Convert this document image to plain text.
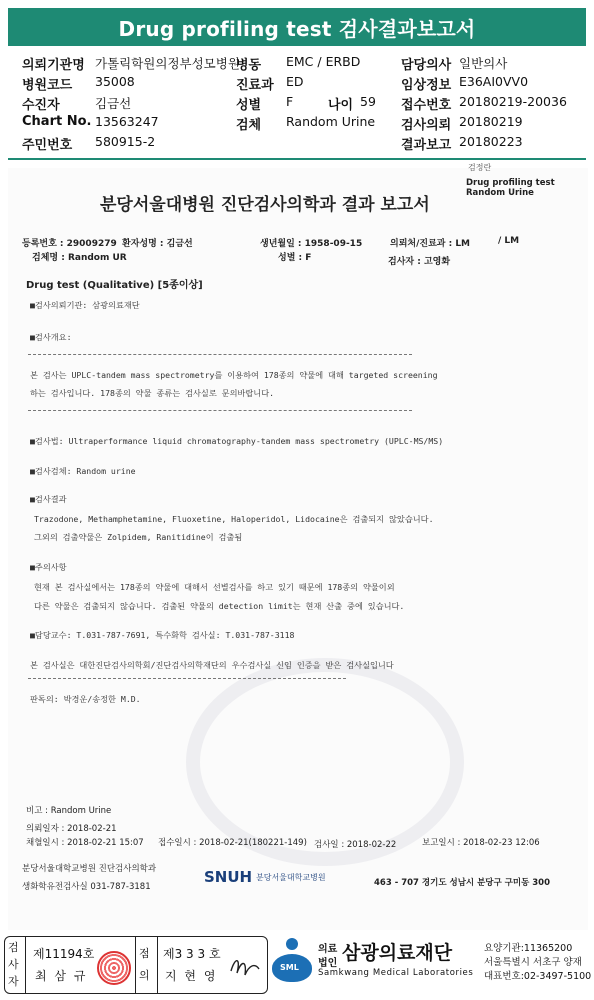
Drug profiling test 검사결과보고서
의뢰기관명 가톨릭학원의정부성모병원
병동 EMC / ERBD	담당의사 일반의사
병원코드 35008	진료과 ED	임상정보 E36AI0VV0
수진자	김금선	성별 F	나이 59 접수번호 20180219-20036
Chart No. 13563247	검체 Random Urine 검사의뢰 20180219
주민번호 580915-2	결과보고 20180223
검정란
Drug profiling test
Random Urine
분당서울대병원 진단검사의학과 결과 보고서
등록번호 : 29009279 환자성명 : 김금선	생년월일 : 1958-09-15	의뢰처/진료과 : LM	/ LM
검체명 : Random UR	성별 : F	검사자 : 고영화
Drug test (Qualitative) [5종이상]
■검사의뢰기관: 삼광의료재단
■검사개요:
본 검사는 UPLC-tandem mass spectrometry를 이용하여 178종의 약물에 대해 targeted screening
하는 검사입니다. 178종의 약물 종류는 검사실로 문의바랍니다.
■검사법: Ultraperformance liquid chromatography-tandem mass spectrometry (UPLC-MS/MS)
■검사검체: Random urine
■검사결과
Trazodone, Methamphetamine, Fluoxetine, Haloperidol, Lidocaine은 검출되지 않았습니다.
그외의 검출약물은 Zolpidem, Ranitidine이 검출됨
■주의사항
현재 본 검사실에서는 178종의 약물에 대해서 선별검사를 하고 있기 때문에 178종의 약물이외
다른 약물은 검출되지 않습니다. 검출된 약물의 detection limit는 현재 산출 중에 있습니다.
■담당교수: T.031-787-7691, 특수화학 검사실: T.031-787-3118
본 검사실은 대한진단검사의학회/진단검사의학재단의 우수검사실 신임 인증을 받은 검사실입니다
판독의: 박경운/송정한 M.D.
비고 : Random Urine
의뢰일자 : 2018-02-21
채혈일시 : 2018-02-21 15:07 접수일시 : 2018-02-21(180221-149) 검사일 : 2018-02-22	보고일시 : 2018-02-23 12:06
분당서울대학교병원 진단검사의학과
생화학유전검사실 031-787-3181
SNUH 분당서울대학교병원
463 - 707 경기도 성남시 분당구 구미동 300
검사자
제11194호
최 삼 규
점의
제3 3 3 호
지 현 영
SML
의료
법인 삼광의료재단
Samkwang Medical Laboratories
요양기관:11365200
서울특별시 서초구 양재
대표번호:02-3497-5100
